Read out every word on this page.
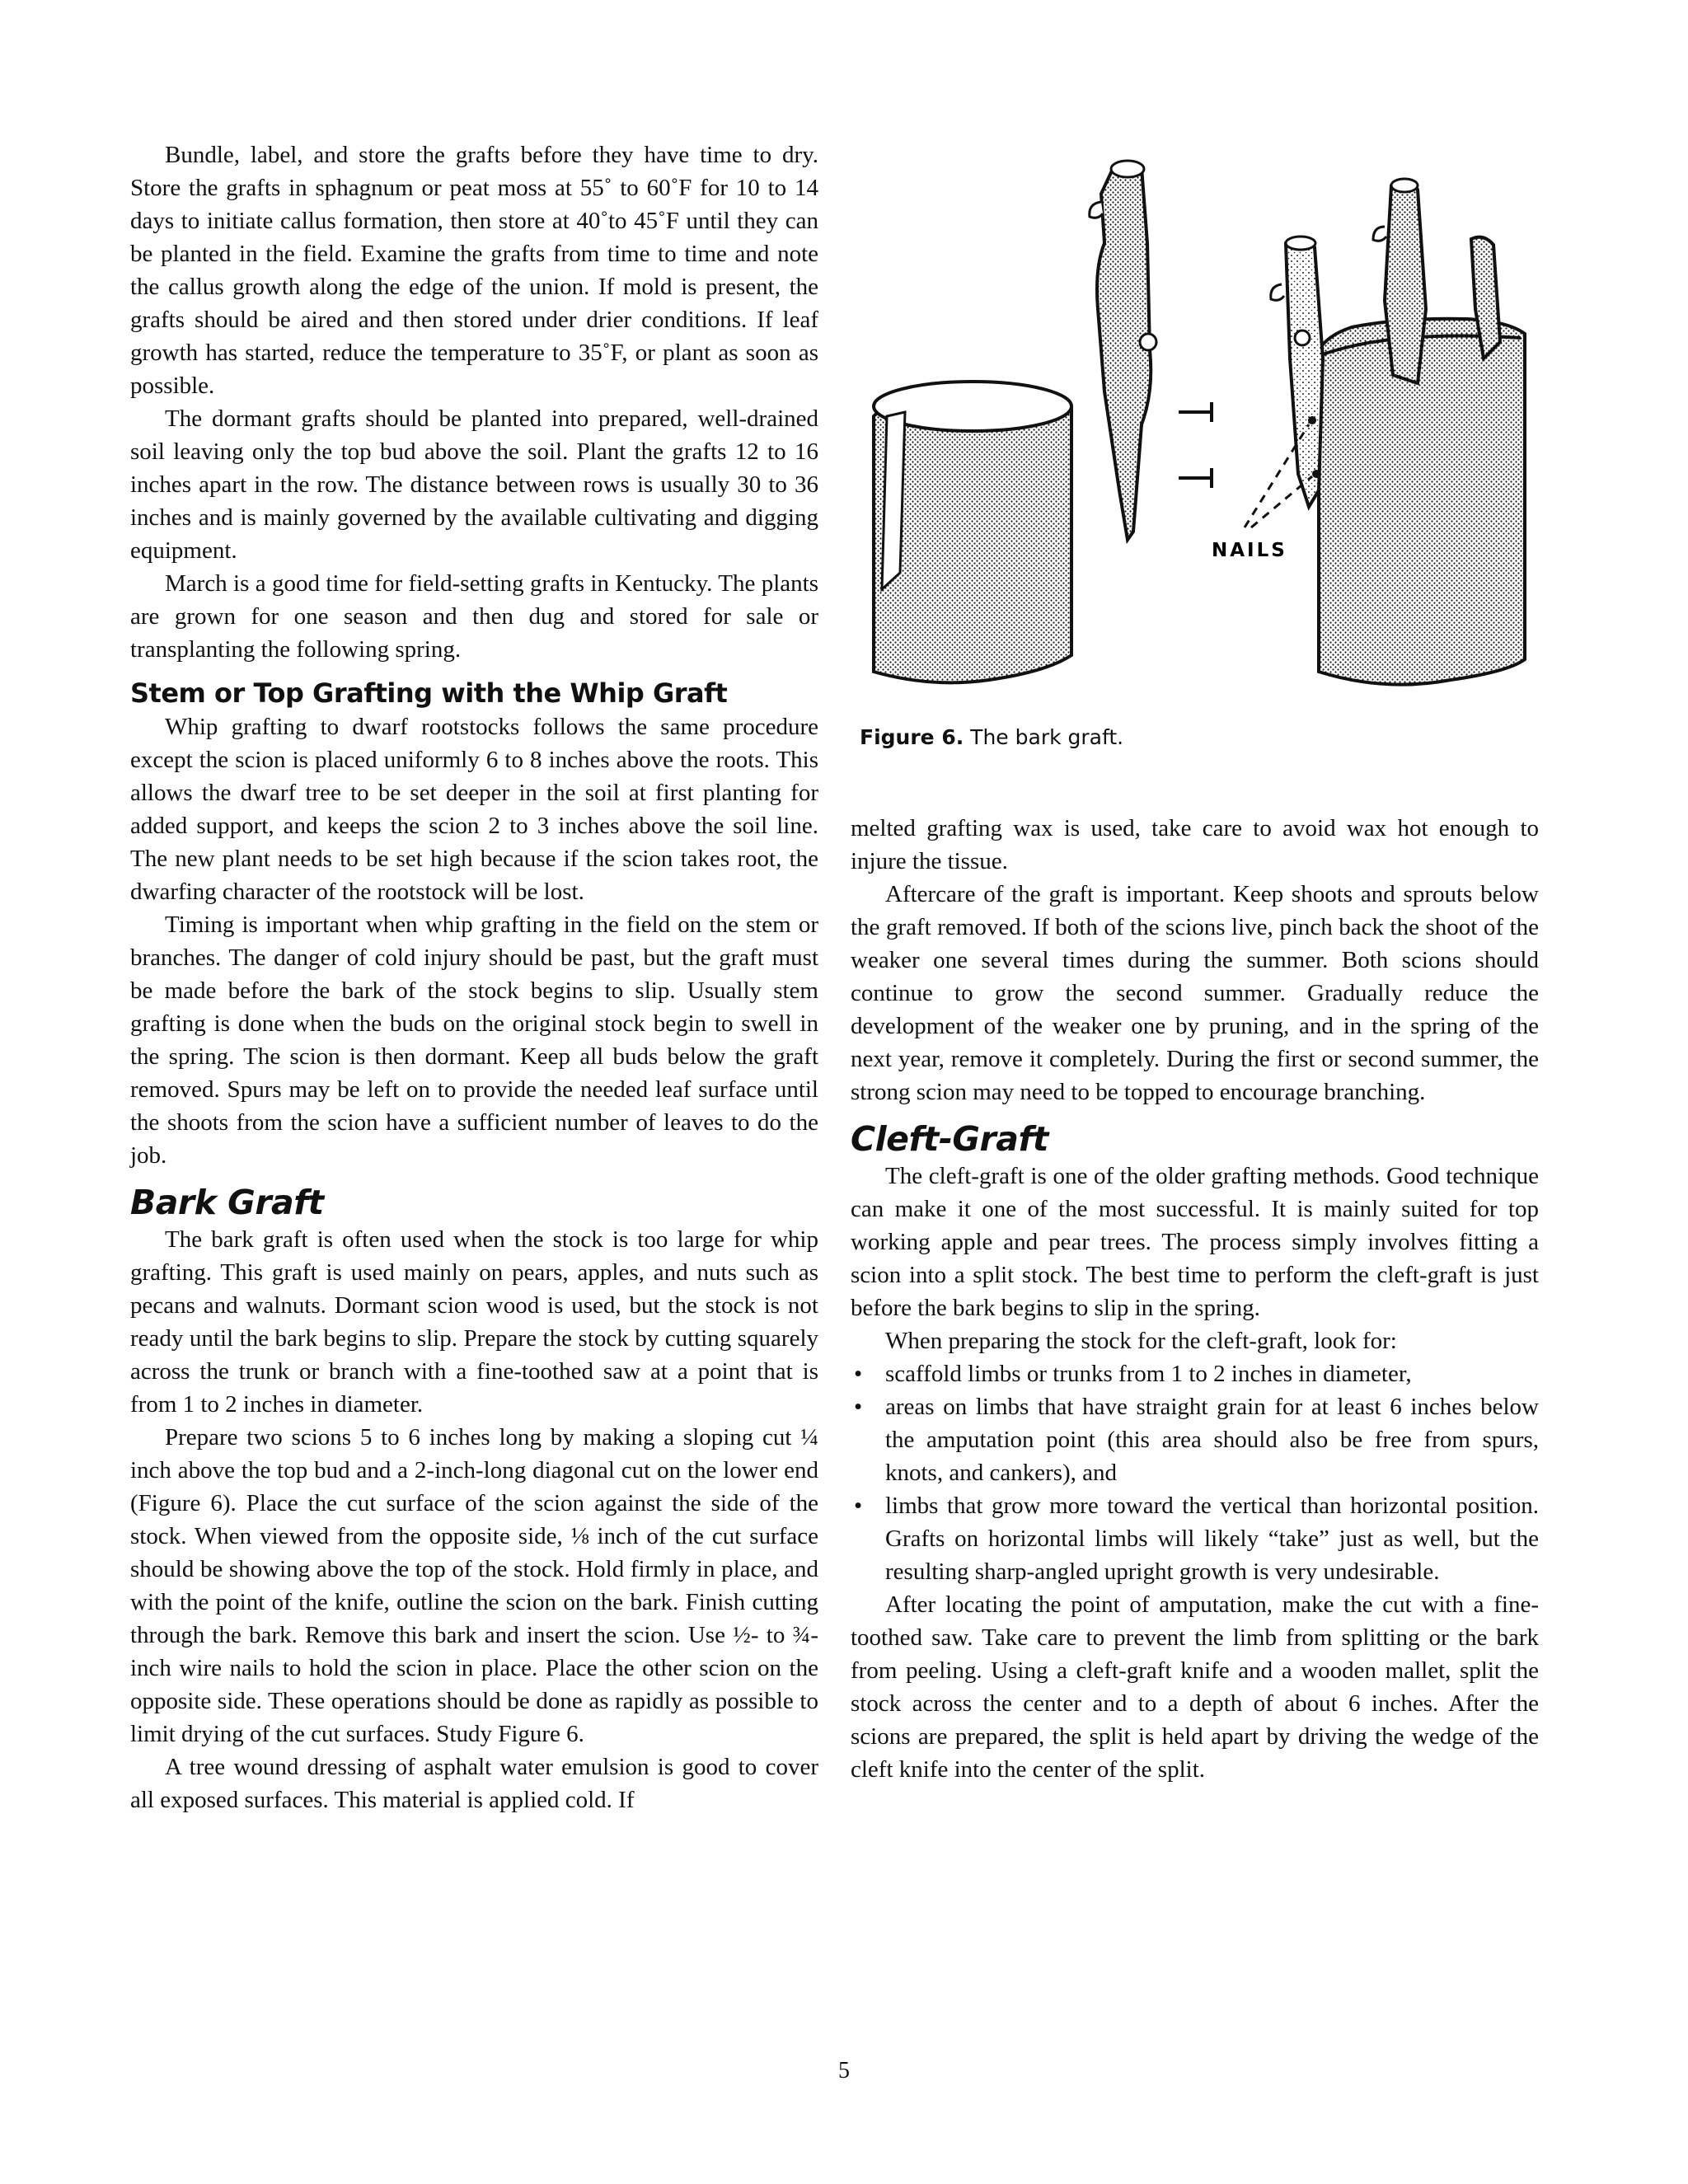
Bundle, label, and store the grafts before they have time to dry. Store the grafts in sphagnum or peat moss at 55˚ to 60˚F for 10 to 14 days to initiate callus formation, then store at 40˚to 45˚F until they can be planted in the field. Examine the grafts from time to time and note the callus growth along the edge of the union. If mold is present, the grafts should be aired and then stored under drier conditions. If leaf growth has started, reduce the temperature to 35˚F, or plant as soon as possible.

The dormant grafts should be planted into prepared, well-drained soil leaving only the top bud above the soil. Plant the grafts 12 to 16 inches apart in the row. The distance between rows is usually 30 to 36 inches and is mainly governed by the available cultivating and digging equipment.

March is a good time for field-setting grafts in Kentucky. The plants are grown for one season and then dug and stored for sale or transplanting the following spring.

Stem or Top Grafting with the Whip Graft

Whip grafting to dwarf rootstocks follows the same procedure except the scion is placed uniformly 6 to 8 inches above the roots. This allows the dwarf tree to be set deeper in the soil at first planting for added support, and keeps the scion 2 to 3 inches above the soil line. The new plant needs to be set high because if the scion takes root, the dwarfing character of the rootstock will be lost.

Timing is important when whip grafting in the field on the stem or branches. The danger of cold injury should be past, but the graft must be made before the bark of the stock begins to slip. Usually stem grafting is done when the buds on the original stock begin to swell in the spring. The scion is then dormant. Keep all buds below the graft removed. Spurs may be left on to provide the needed leaf surface until the shoots from the scion have a sufficient number of leaves to do the job.

Bark Graft

The bark graft is often used when the stock is too large for whip grafting. This graft is used mainly on pears, apples, and nuts such as pecans and walnuts. Dormant scion wood is used, but the stock is not ready until the bark begins to slip. Prepare the stock by cutting squarely across the trunk or branch with a fine-toothed saw at a point that is from 1 to 2 inches in diameter.

Prepare two scions 5 to 6 inches long by making a sloping cut ¼ inch above the top bud and a 2-inch-long diagonal cut on the lower end (Figure 6). Place the cut surface of the scion against the side of the stock. When viewed from the opposite side, ⅛ inch of the cut surface should be showing above the top of the stock. Hold firmly in place, and with the point of the knife, outline the scion on the bark. Finish cutting through the bark. Remove this bark and insert the scion. Use ½- to ¾-inch wire nails to hold the scion in place. Place the other scion on the opposite side. These operations should be done as rapidly as possible to limit drying of the cut surfaces. Study Figure 6.

A tree wound dressing of asphalt water emulsion is good to cover all exposed surfaces. This material is applied cold. If

NAILS
Figure 6. The bark graft.

melted grafting wax is used, take care to avoid wax hot enough to injure the tissue.

Aftercare of the graft is important. Keep shoots and sprouts below the graft removed. If both of the scions live, pinch back the shoot of the weaker one several times during the summer. Both scions should continue to grow the second summer. Gradually reduce the development of the weaker one by pruning, and in the spring of the next year, remove it completely. During the first or second summer, the strong scion may need to be topped to encourage branching.

Cleft-Graft

The cleft-graft is one of the older grafting methods. Good technique can make it one of the most successful. It is mainly suited for top working apple and pear trees. The process simply involves fitting a scion into a split stock. The best time to perform the cleft-graft is just before the bark begins to slip in the spring.

When preparing the stock for the cleft-graft, look for:

• scaffold limbs or trunks from 1 to 2 inches in diameter,
• areas on limbs that have straight grain for at least 6 inches below the amputation point (this area should also be free from spurs, knots, and cankers), and
• limbs that grow more toward the vertical than horizontal position. Grafts on horizontal limbs will likely “take” just as well, but the resulting sharp-angled upright growth is very undesirable.

After locating the point of amputation, make the cut with a fine-toothed saw. Take care to prevent the limb from splitting or the bark from peeling. Using a cleft-graft knife and a wooden mallet, split the stock across the center and to a depth of about 6 inches. After the scions are prepared, the split is held apart by driving the wedge of the cleft knife into the center of the split.

5
